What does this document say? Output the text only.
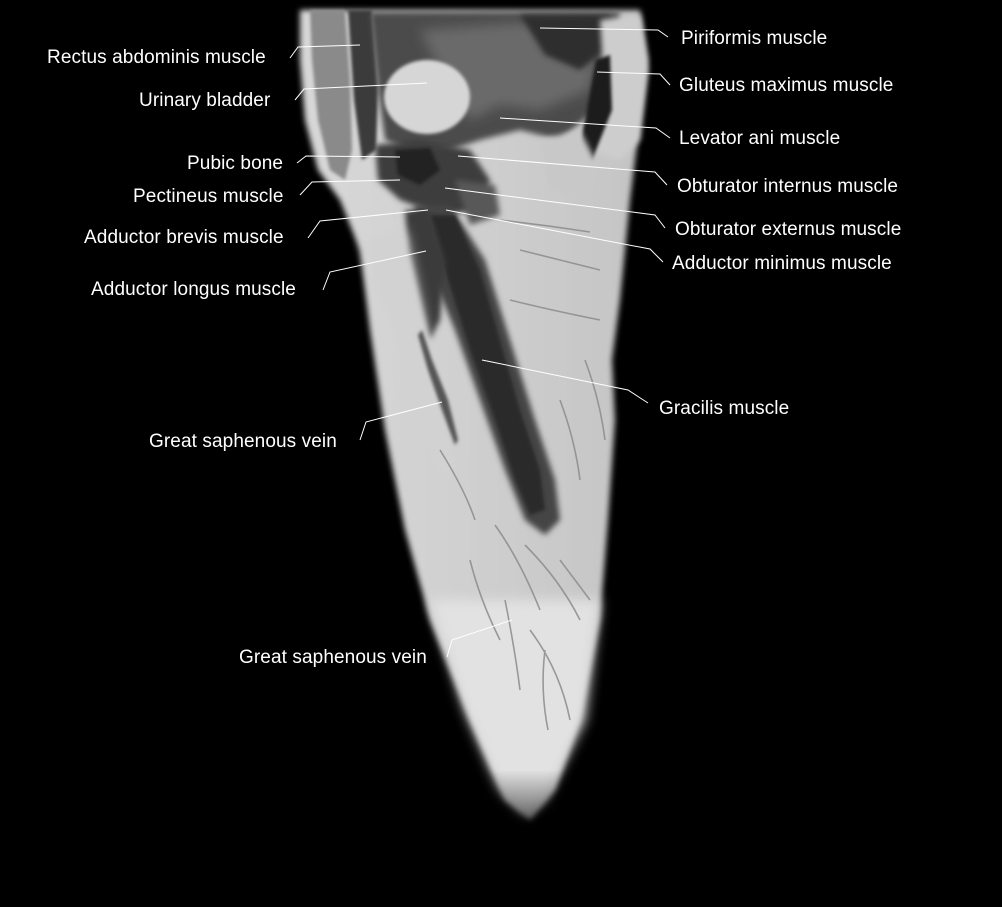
Rectus abdominis muscle
Urinary bladder
Pubic bone
Pectineus muscle
Adductor brevis muscle
Adductor longus muscle
Great saphenous vein
Great saphenous vein
Piriformis muscle
Gluteus maximus muscle
Levator ani muscle
Obturator internus muscle
Obturator externus muscle
Adductor minimus muscle
Gracilis muscle
